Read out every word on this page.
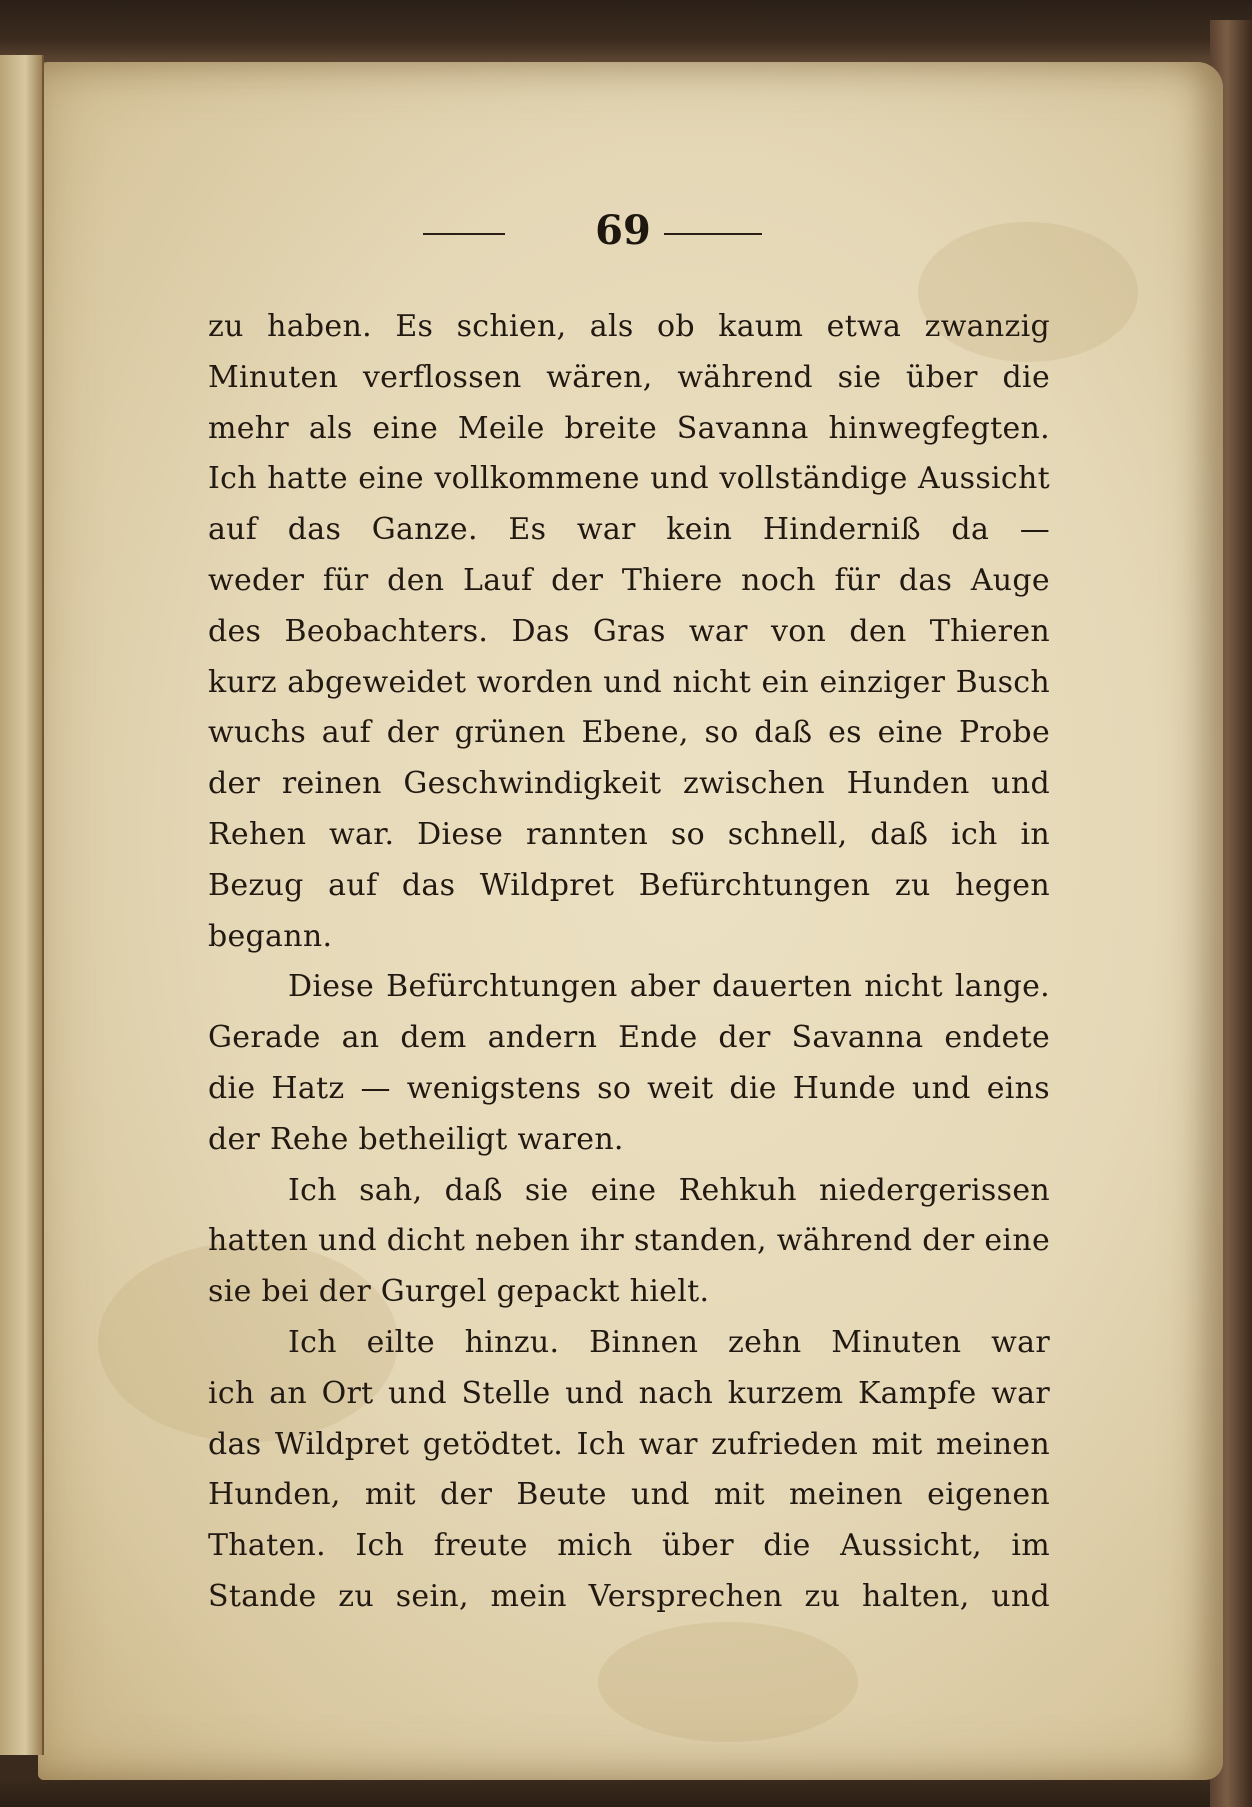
69
zu haben. Es schien, als ob kaum etwa zwanzig
Minuten verflossen wären, während sie über die
mehr als eine Meile breite Savanna hinwegfegten.
Ich hatte eine vollkommene und vollständige Aussicht
auf das Ganze. Es war kein Hinderniß da —
weder für den Lauf der Thiere noch für das Auge
des Beobachters. Das Gras war von den Thieren
kurz abgeweidet worden und nicht ein einziger Busch
wuchs auf der grünen Ebene, so daß es eine Probe
der reinen Geschwindigkeit zwischen Hunden und
Rehen war. Diese rannten so schnell, daß ich in
Bezug auf das Wildpret Befürchtungen zu hegen
begann.
Diese Befürchtungen aber dauerten nicht lange.
Gerade an dem andern Ende der Savanna endete
die Hatz — wenigstens so weit die Hunde und eins
der Rehe betheiligt waren.
Ich sah, daß sie eine Rehkuh niedergerissen
hatten und dicht neben ihr standen, während der eine
sie bei der Gurgel gepackt hielt.
Ich eilte hinzu. Binnen zehn Minuten war
ich an Ort und Stelle und nach kurzem Kampfe war
das Wildpret getödtet. Ich war zufrieden mit meinen
Hunden, mit der Beute und mit meinen eigenen
Thaten. Ich freute mich über die Aussicht, im
Stande zu sein, mein Versprechen zu halten, und
